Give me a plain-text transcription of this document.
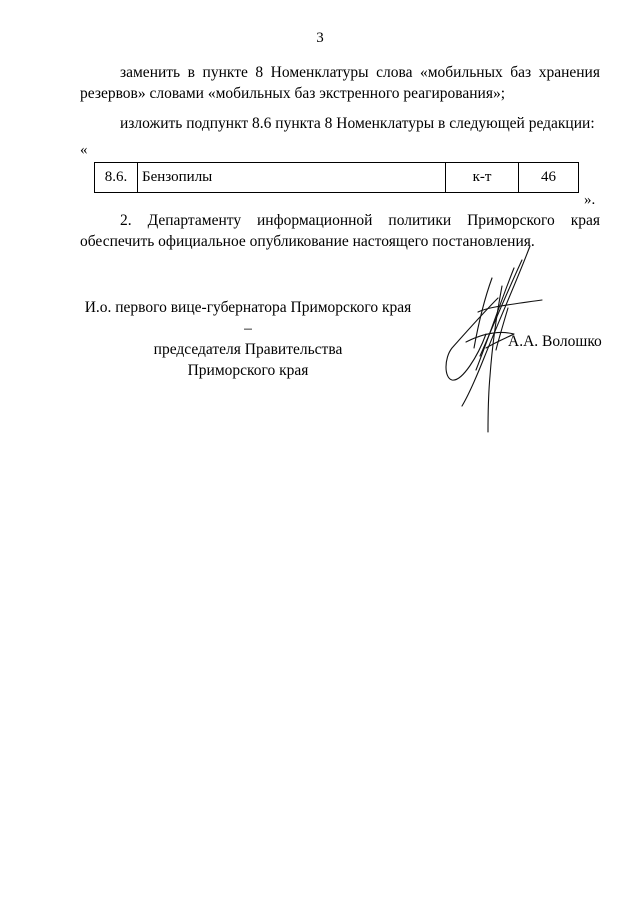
3

заменить в пункте 8 Номенклатуры слова «мобильных баз хранения резервов» словами «мобильных баз экстренного реагирования»;

изложить подпункт 8.6 пункта 8 Номенклатуры в следующей редакции:

«
8.6.	Бензопилы	к-т	46
».

2. Департаменту информационной политики Приморского края обеспечить официальное опубликование настоящего постановления.

И.о. первого вице-губернатора Приморского края –
председателя Правительства
Приморского края
А.А. Волошко
